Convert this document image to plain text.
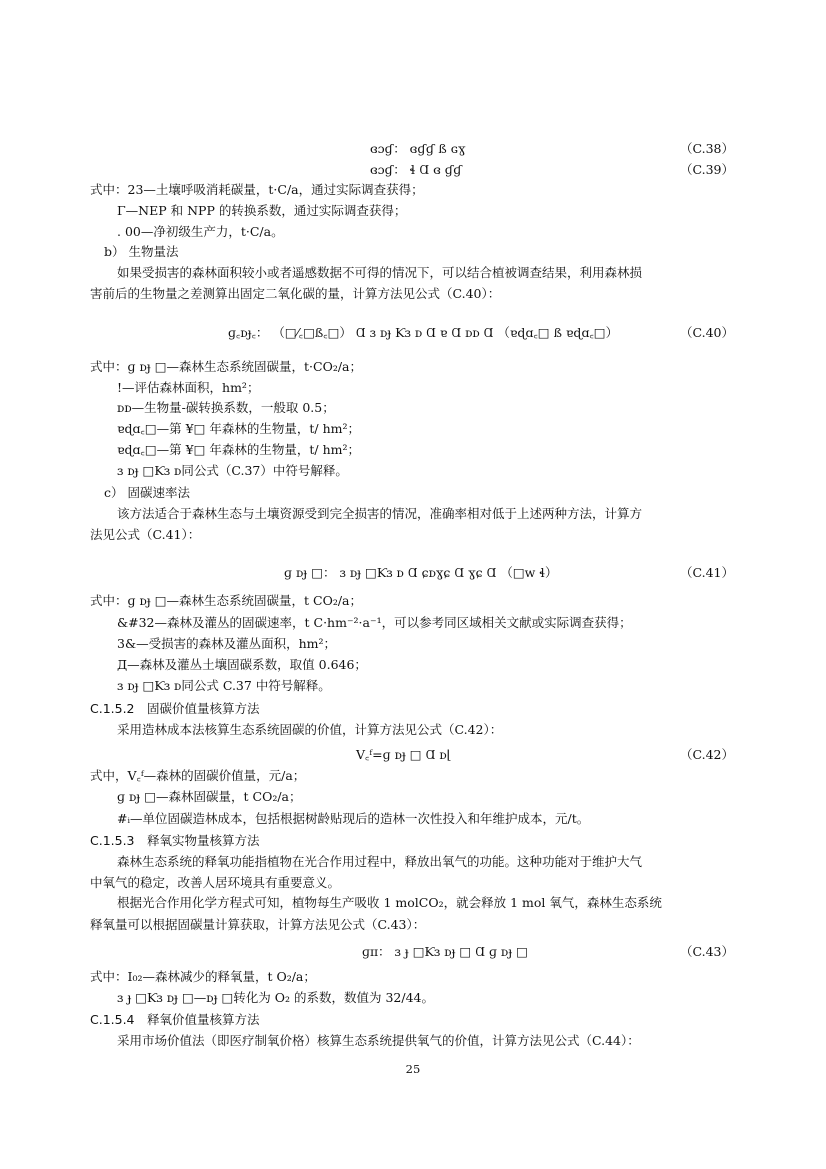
ɞɔɠ： ɞɠɠ ß ɢɣ	（C.38）
ɞɔɠ： ɬ Ɑ ɞ ɠɠ	（C.39）
式中：23—土壤呼吸消耗碳量，t·C/a，通过实际调查获得；
Γ—NEP 和 NPP 的转换系数，通过实际调查获得；
. 00—净初级生产力，t·C/a。
b） 生物量法
如果受损害的森林面积较小或者遥感数据不可得的情况下，可以结合植被调查结果，利用森林损
害前后的生物量之差测算出固定二氧化碳的量，计算方法见公式（C.40）：
ɡ꜀ᴅɟ꜀： （□⁄꜀□ß꜀□） Ɑ ɜ ᴅɟ Ƙɜ ᴅ Ɑ ɐ Ɑ ᴅᴅ Ɑ （ɐɖɑ꜀□ ß ɐɖɑ꜀□）	（C.40）
式中：ɡ ᴅɟ □—森林生态系统固碳量，t·CO₂/a；
!—评估森林面积，hm²；
ᴅᴅ—生物量-碳转换系数，一般取 0.5；
ɐɖɑ꜀□—第 ¥□ 年森林的生物量，t/ hm²；
ɐɖɑ꜀□—第 ¥□ 年森林的生物量，t/ hm²；
ɜ ᴅɟ □Ƙɜ ᴅ同公式（C.37）中符号解释。
c） 固碳速率法
该方法适合于森林生态与土壤资源受到完全损害的情况，准确率相对低于上述两种方法，计算方
法见公式（C.41）：
ɡ ᴅɟ □： ɜ ᴅɟ □Ƙɜ ᴅ Ɑ ɕᴅɣɕ Ɑ ɣɕ Ɑ （□w ɬ）	（C.41）
式中：ɡ ᴅɟ □—森林生态系统固碳量，t CO₂/a；
&#32—森林及灌丛的固碳速率，t C·hm⁻²·a⁻¹，可以参考同区域相关文献或实际调查获得；
3&—受损害的森林及灌丛面积，hm²；
Д—森林及灌丛土壤固碳系数，取值 0.646；
ɜ ᴅɟ □Ƙɜ ᴅ同公式 C.37 中符号解释。
C.1.5.2　固碳价值量核算方法
采用造林成本法核算生态系统固碳的价值，计算方法见公式（C.42）：
V꜀ᶠ=ɡ ᴅɟ □ Ɑ ᴅ⌊	（C.42）
式中，V꜀ᶠ—森林的固碳价值量，元/a；
ɡ ᴅɟ □—森林固碳量，t CO₂/a；
#ᵢ—单位固碳造林成本，包括根据树龄贴现后的造林一次性投入和年维护成本，元/t。
C.1.5.3　释氧实物量核算方法
森林生态系统的释氧功能指植物在光合作用过程中，释放出氧气的功能。这种功能对于维护大气
中氧气的稳定，改善人居环境具有重要意义。
根据光合作用化学方程式可知，植物每生产吸收 1 molCO₂，就会释放 1 mol 氧气，森林生态系统
释氧量可以根据固碳量计算获取，计算方法见公式（C.43）：
ɡɪɪ： ɜ ɟ □Ƙɜ ᴅɟ □ Ɑ ɡ ᴅɟ □	（C.43）
式中：I₀₂—森林减少的释氧量，t O₂/a；
ɜ ɟ □Ƙɜ ᴅɟ □—ᴅɟ □转化为 O₂ 的系数，数值为 32/44。
C.1.5.4　释氧价值量核算方法
采用市场价值法（即医疗制氧价格）核算生态系统提供氧气的价值，计算方法见公式（C.44）：
25
